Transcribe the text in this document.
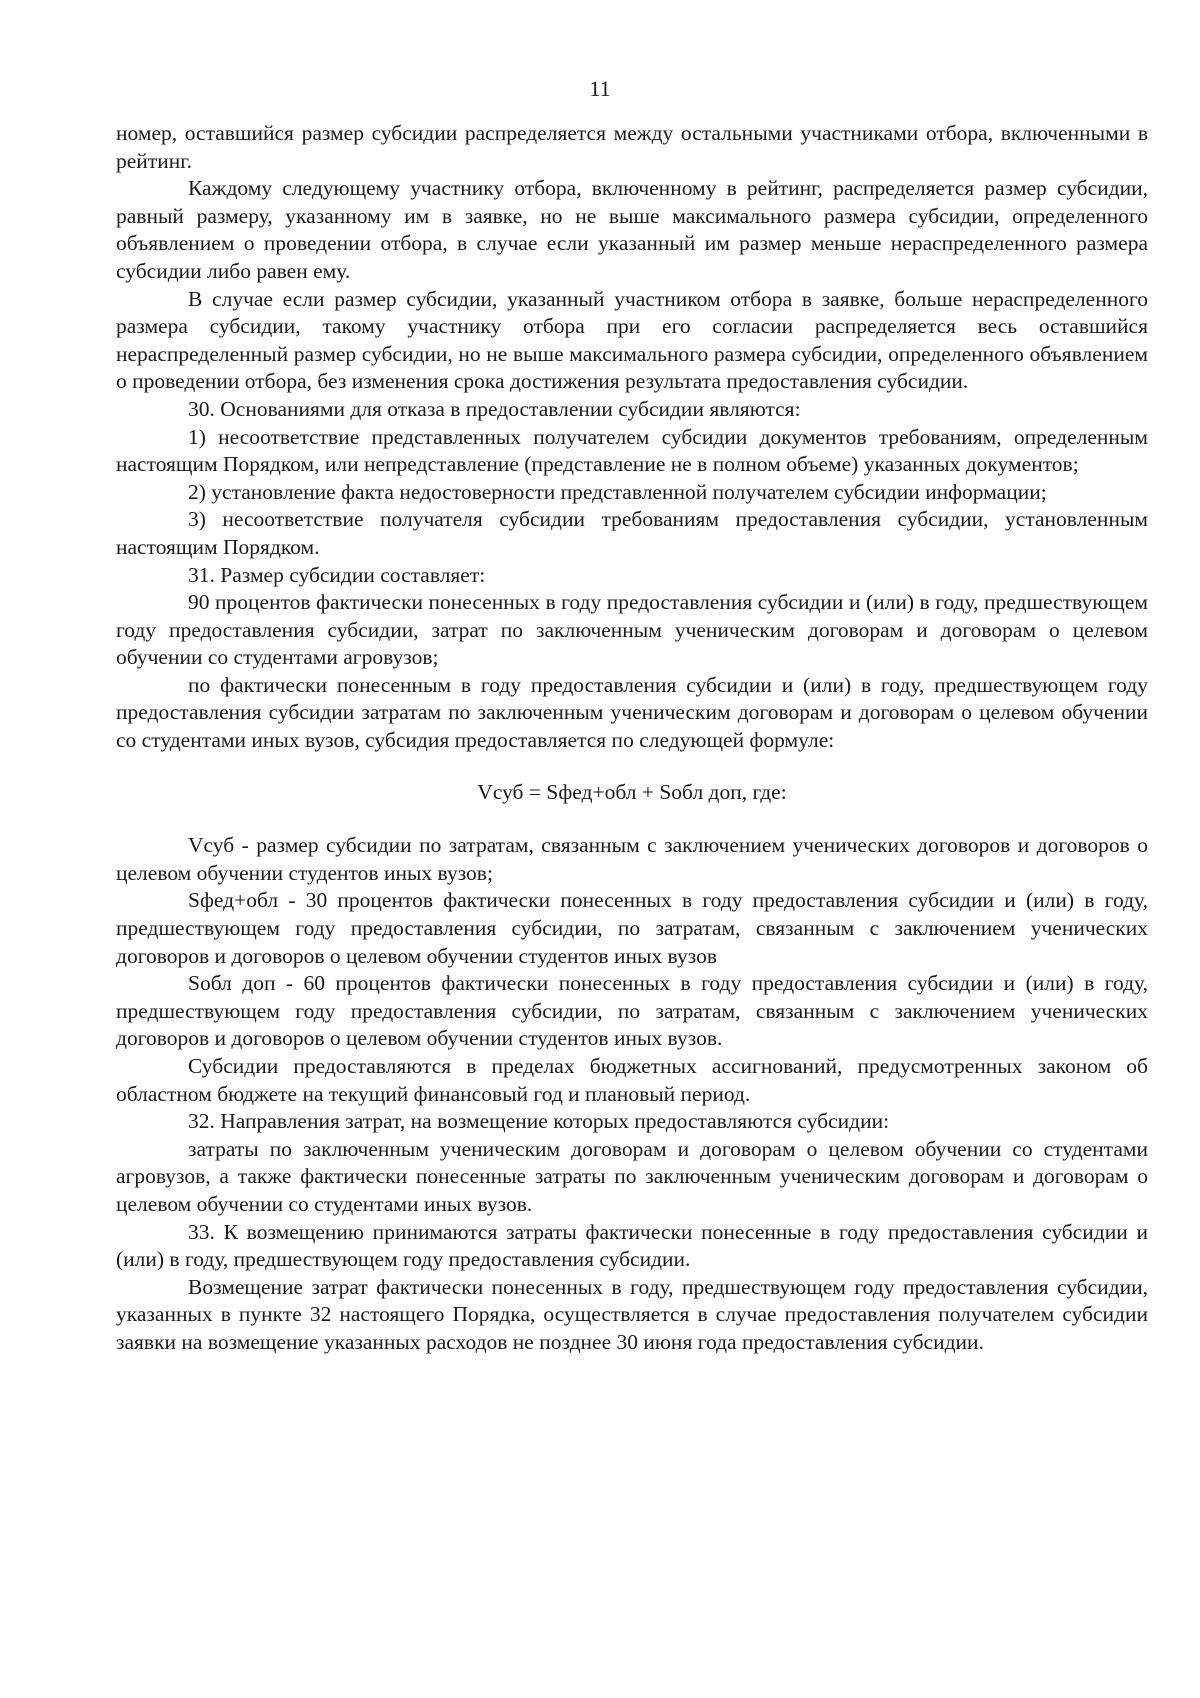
11

номер, оставшийся размер субсидии распределяется между остальными участниками отбора, включенными в рейтинг.

Каждому следующему участнику отбора, включенному в рейтинг, распределяется размер субсидии, равный размеру, указанному им в заявке, но не выше максимального размера субсидии, определенного объявлением о проведении отбора, в случае если указанный им размер меньше нераспределенного размера субсидии либо равен ему.

В случае если размер субсидии, указанный участником отбора в заявке, больше нераспределенного размера субсидии, такому участнику отбора при его согласии распределяется весь оставшийся нераспределенный размер субсидии, но не выше максимального размера субсидии, определенного объявлением о проведении отбора, без изменения срока достижения результата предоставления субсидии.

30. Основаниями для отказа в предоставлении субсидии являются:

1) несоответствие представленных получателем субсидии документов требованиям, определенным настоящим Порядком, или непредставление (представление не в полном объеме) указанных документов;

2) установление факта недостоверности представленной получателем субсидии информации;

3) несоответствие получателя субсидии требованиям предоставления субсидии, установленным настоящим Порядком.

31. Размер субсидии составляет:

90 процентов фактически понесенных в году предоставления субсидии и (или) в году, предшествующем году предоставления субсидии, затрат по заключенным ученическим договорам и договорам о целевом обучении со студентами агровузов;

по фактически понесенным в году предоставления субсидии и (или) в году, предшествующем году предоставления субсидии затратам по заключенным ученическим договорам и договорам о целевом обучении со студентами иных вузов, субсидия предоставляется по следующей формуле:

Vсуб = Sфед+обл + Sобл доп, где:

Vсуб - размер субсидии по затратам, связанным с заключением ученических договоров и договоров о целевом обучении студентов иных вузов;

Sфед+обл - 30 процентов фактически понесенных в году предоставления субсидии и (или) в году, предшествующем году предоставления субсидии, по затратам, связанным с заключением ученических договоров и договоров о целевом обучении студентов иных вузов

Sобл доп - 60 процентов фактически понесенных в году предоставления субсидии и (или) в году, предшествующем году предоставления субсидии, по затратам, связанным с заключением ученических договоров и договоров о целевом обучении студентов иных вузов.

Субсидии предоставляются в пределах бюджетных ассигнований, предусмотренных законом об областном бюджете на текущий финансовый год и плановый период.

32. Направления затрат, на возмещение которых предоставляются субсидии:

затраты по заключенным ученическим договорам и договорам о целевом обучении со студентами агровузов, а также фактически понесенные затраты по заключенным ученическим договорам и договорам о целевом обучении со студентами иных вузов.

33. К возмещению принимаются затраты фактически понесенные в году предоставления субсидии и (или) в году, предшествующем году предоставления субсидии.

Возмещение затрат фактически понесенных в году, предшествующем году предоставления субсидии, указанных в пункте 32 настоящего Порядка, осуществляется в случае предоставления получателем субсидии заявки на возмещение указанных расходов не позднее 30 июня года предоставления субсидии.
